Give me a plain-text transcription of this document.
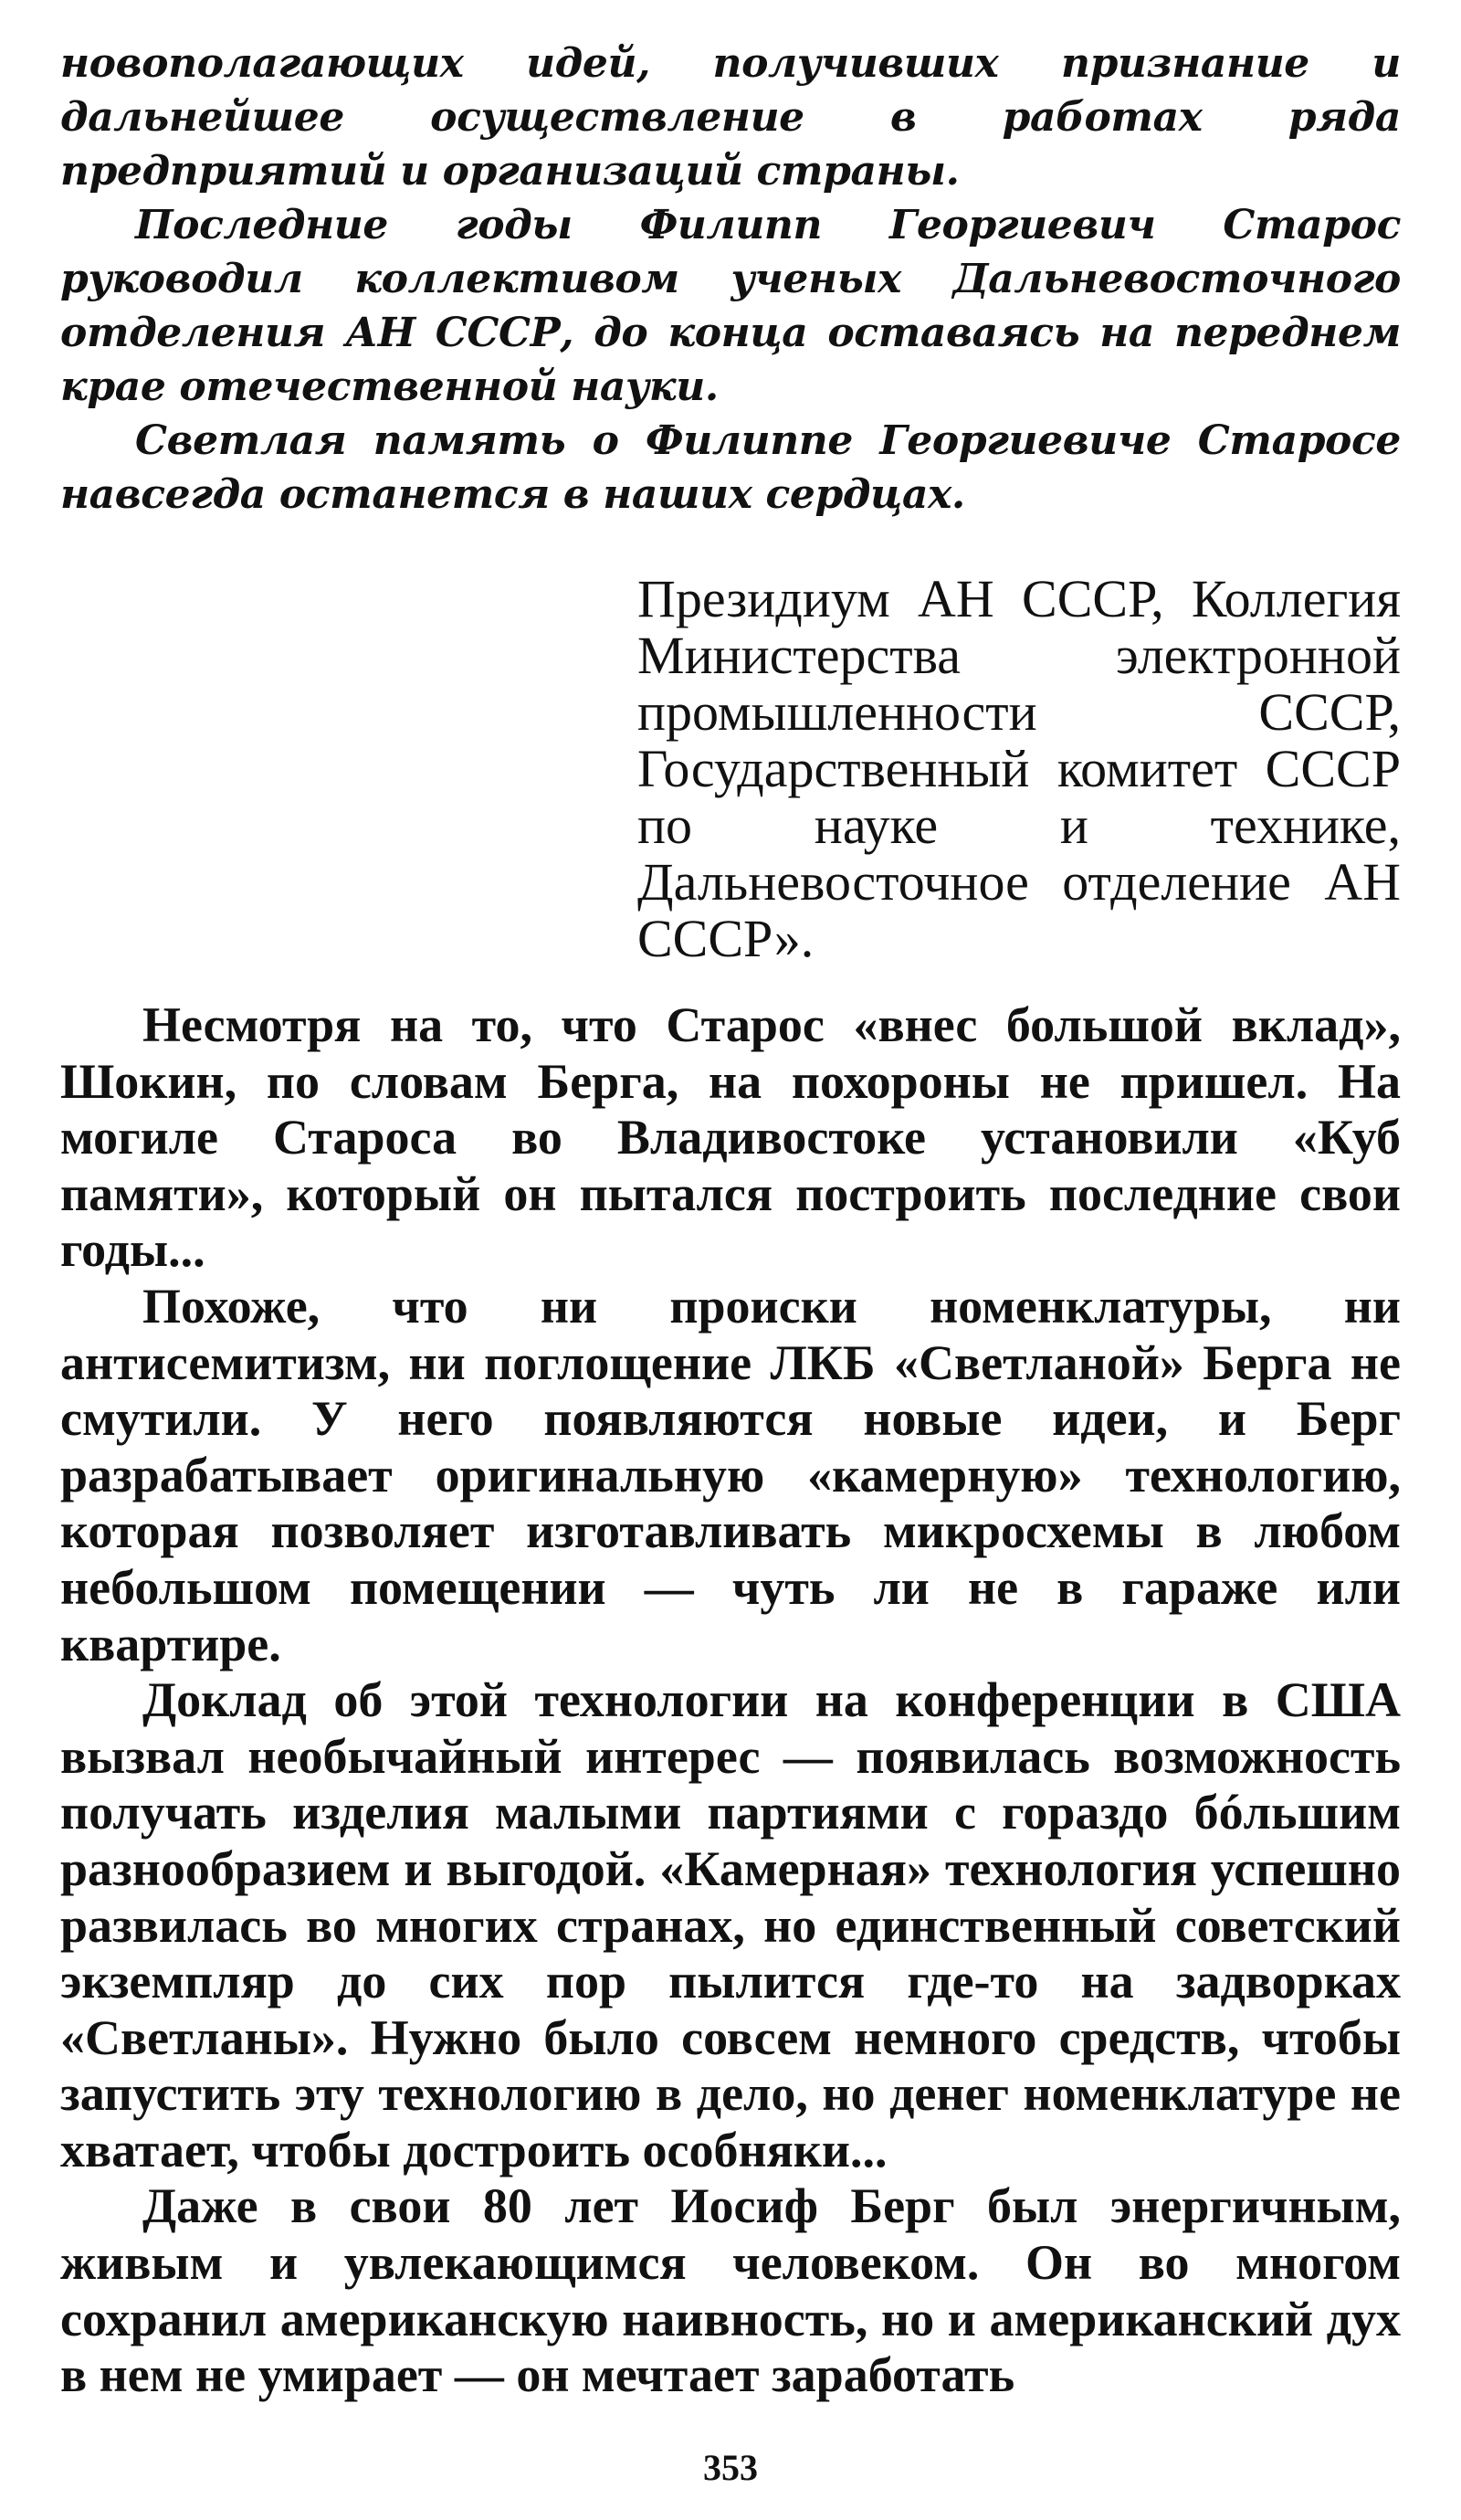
новополагающих идей, получивших признание и дальнейшее осуществление в работах ряда предприятий и организаций страны.

Последние годы Филипп Георгиевич Старос руководил коллективом ученых Дальневосточного отделения АН СССР, до конца оставаясь на переднем крае отечественной науки.

Светлая память о Филиппе Георгиевиче Старосе навсегда останется в наших сердцах.

Президиум АН СССР, Коллегия Министерства электронной промышленности СССР, Государственный комитет СССР по науке и технике, Дальневосточное отделение АН СССР».

Несмотря на то, что Старос «внес большой вклад», Шокин, по словам Берга, на похороны не пришел. На могиле Староса во Владивостоке установили «Куб памяти», который он пытался построить последние свои годы...

Похоже, что ни происки номенклатуры, ни антисемитизм, ни поглощение ЛКБ «Светланой» Берга не смутили. У него появляются новые идеи, и Берг разрабатывает оригинальную «камерную» технологию, которая позволяет изготавливать микросхемы в любом небольшом помещении — чуть ли не в гараже или квартире.

Доклад об этой технологии на конференции в США вызвал необычайный интерес — появилась возможность получать изделия малыми партиями с гораздо бóльшим разнообразием и выгодой. «Камерная» технология успешно развилась во многих странах, но единственный советский экземпляр до сих пор пылится где-то на задворках «Светланы». Нужно было совсем немного средств, чтобы запустить эту технологию в дело, но денег номенклатуре не хватает, чтобы достроить особняки...

Даже в свои 80 лет Иосиф Берг был энергичным, живым и увлекающимся человеком. Он во многом сохранил американскую наивность, но и американский дух в нем не умирает — он мечтает заработать

353
